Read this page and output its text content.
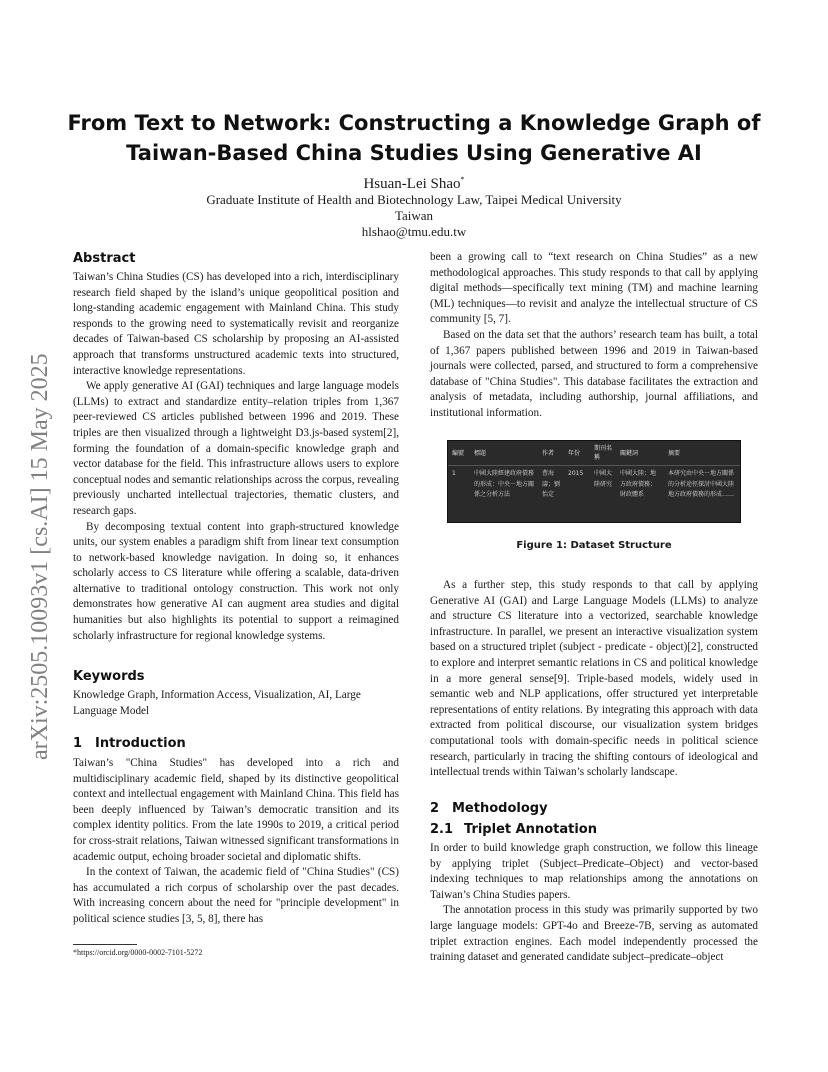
arXiv:2505.10093v1 [cs.AI] 15 May 2025
From Text to Network: Constructing a Knowledge Graph of
Taiwan-Based China Studies Using Generative AI
Hsuan-Lei Shao*
Graduate Institute of Health and Biotechnology Law, Taipei Medical University
Taiwan
hlshao@tmu.edu.tw
Abstract

Taiwan’s China Studies (CS) has developed into a rich, interdisciplinary research field shaped by the island’s unique geopolitical position and long-standing academic engagement with Mainland China. This study responds to the growing need to systematically revisit and reorganize decades of Taiwan-based CS scholarship by proposing an AI-assisted approach that transforms unstructured academic texts into structured, interactive knowledge representations.

We apply generative AI (GAI) techniques and large language models (LLMs) to extract and standardize entity–relation triples from 1,367 peer-reviewed CS articles published between 1996 and 2019. These triples are then visualized through a lightweight D3.js-based system[2], forming the foundation of a domain-specific knowledge graph and vector database for the field. This infrastructure allows users to explore conceptual nodes and semantic relationships across the corpus, revealing previously uncharted intellectual trajectories, thematic clusters, and research gaps.

By decomposing textual content into graph-structured knowledge units, our system enables a paradigm shift from linear text consumption to network-based knowledge navigation. In doing so, it enhances scholarly access to CS literature while offering a scalable, data-driven alternative to traditional ontology construction. This work not only demonstrates how generative AI can augment area studies and digital humanities but also highlights its potential to support a reimagined scholarly infrastructure for regional knowledge systems.

Keywords

Knowledge Graph, Information Access, Visualization, AI, Large Language Model

1 Introduction

Taiwan’s "China Studies" has developed into a rich and multidisciplinary academic field, shaped by its distinctive geopolitical context and intellectual engagement with Mainland China. This field has been deeply influenced by Taiwan’s democratic transition and its complex identity politics. From the late 1990s to 2019, a critical period for cross-strait relations, Taiwan witnessed significant transformations in academic output, echoing broader societal and diplomatic shifts.

In the context of Taiwan, the academic field of "China Studies" (CS) has accumulated a rich corpus of scholarship over the past decades. With increasing concern about the need for "principle development" in political science studies [3, 5, 8], there has

*https://orcid.org/0000-0002-7101-5272

been a growing call to “text research on China Studies” as a new methodological approaches. This study responds to that call by applying digital methods—specifically text mining (TM) and machine learning (ML) techniques—to revisit and analyze the intellectual structure of CS community [5, 7].

Based on the data set that the authors’ research team has built, a total of 1,367 papers published between 1996 and 2019 in Taiwan-based journals were collected, parsed, and structured to form a comprehensive database of "China Studies". This database facilitates the extraction and analysis of metadata, including authorship, journal affiliations, and institutional information.

編號	標題	作者	年份	期刊名稱	關鍵詞	摘要
1	中國大陸經建政府債務的形成：中央－地方關係之分析方法	曹海濤；劉怡定	2015	中國大陸研究	中國大陸；地方政府債務；財政體系	本研究由中央－地方關係的分析途徑探討中國大陸地方政府債務的形成……
Figure 1: Dataset Structure

As a further step, this study responds to that call by applying Generative AI (GAI) and Large Language Models (LLMs) to analyze and structure CS literature into a vectorized, searchable knowledge infrastructure. In parallel, we present an interactive visualization system based on a structured triplet (subject - predicate - object)[2], constructed to explore and interpret semantic relations in CS and political knowledge in a more general sense[9]. Triple-based models, widely used in semantic web and NLP applications, offer structured yet interpretable representations of entity relations. By integrating this approach with data extracted from political discourse, our visualization system bridges computational tools with domain-specific needs in political science research, particularly in tracing the shifting contours of ideological and intellectual trends within Taiwan’s scholarly landscape.

2 Methodology
2.1 Triplet Annotation

In order to build knowledge graph construction, we follow this lineage by applying triplet (Subject–Predicate–Object) and vector-based indexing techniques to map relationships among the annotations on Taiwan’s China Studies papers.

The annotation process in this study was primarily supported by two large language models: GPT-4o and Breeze-7B, serving as automated triplet extraction engines. Each model independently processed the training dataset and generated candidate subject–predicate–object
